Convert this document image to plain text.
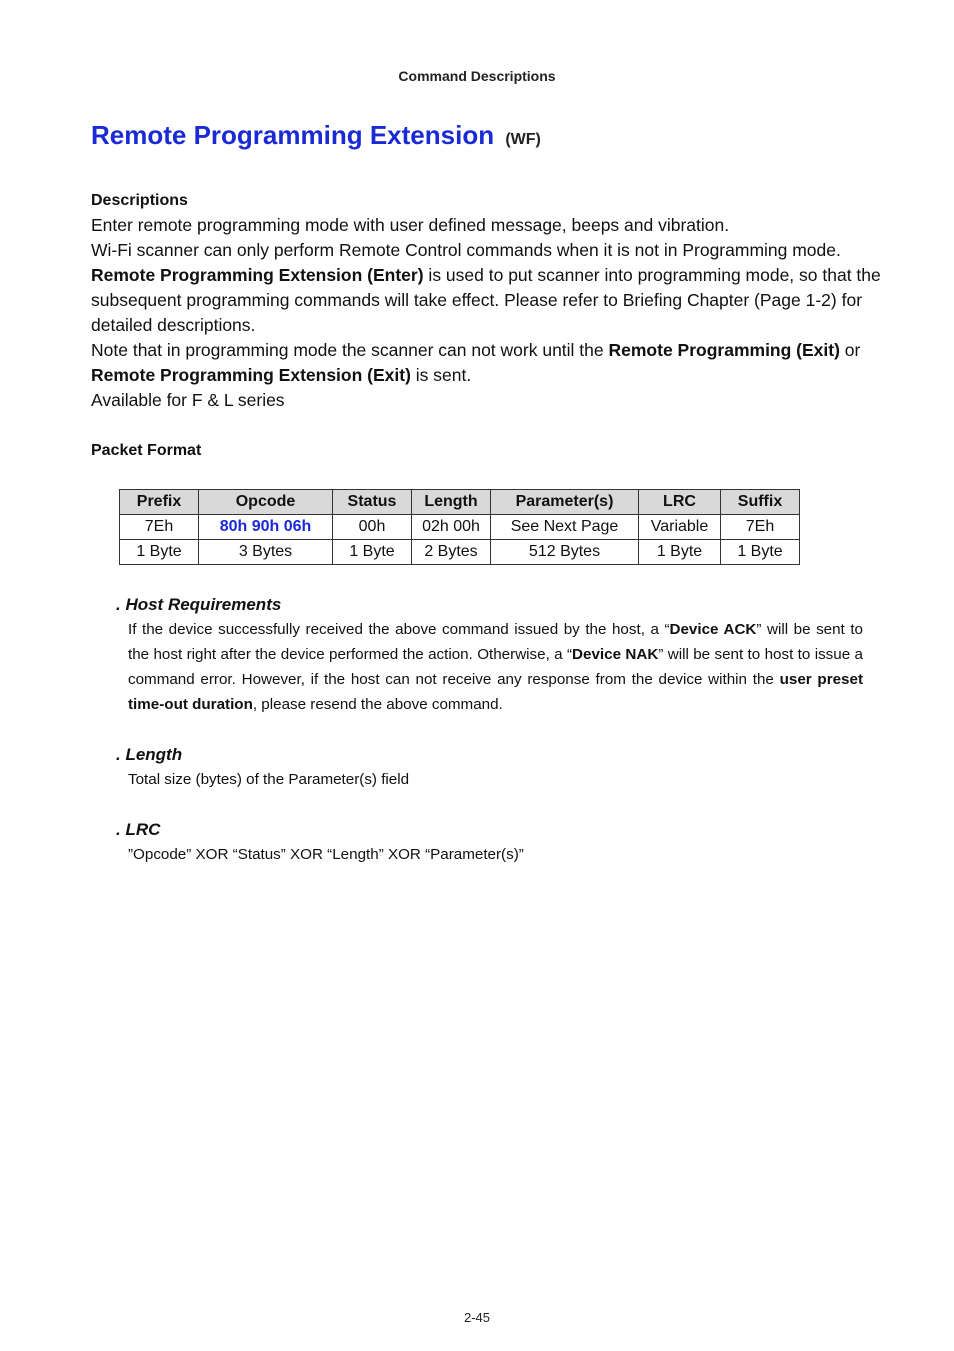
Command Descriptions
Remote Programming Extension (WF)
Descriptions

Enter remote programming mode with user defined message, beeps and vibration.

Wi-Fi scanner can only perform Remote Control commands when it is not in Programming mode.

Remote Programming Extension (Enter) is used to put scanner into programming mode, so that the subsequent programming commands will take effect. Please refer to Briefing Chapter (Page 1-2) for detailed descriptions.

Note that in programming mode the scanner can not work until the Remote Programming (Exit) or Remote Programming Extension (Exit) is sent.

Available for F & L series

Packet Format
Prefix	Opcode	Status	Length	Parameter(s)	LRC	Suffix
7Eh	80h 90h 06h	00h	02h 00h	See Next Page	Variable	7Eh
1 Byte	3 Bytes	1 Byte	2 Bytes	512 Bytes	1 Byte	1 Byte
. Host Requirements

If the device successfully received the above command issued by the host, a “Device ACK” will be sent to the host right after the device performed the action. Otherwise, a “Device NAK” will be sent to host to issue a command error. However, if the host can not receive any response from the device within the user preset time-out duration, please resend the above command.

. Length

Total size (bytes) of the Parameter(s) field

. LRC

”Opcode” XOR “Status” XOR “Length” XOR “Parameter(s)”

2-45
